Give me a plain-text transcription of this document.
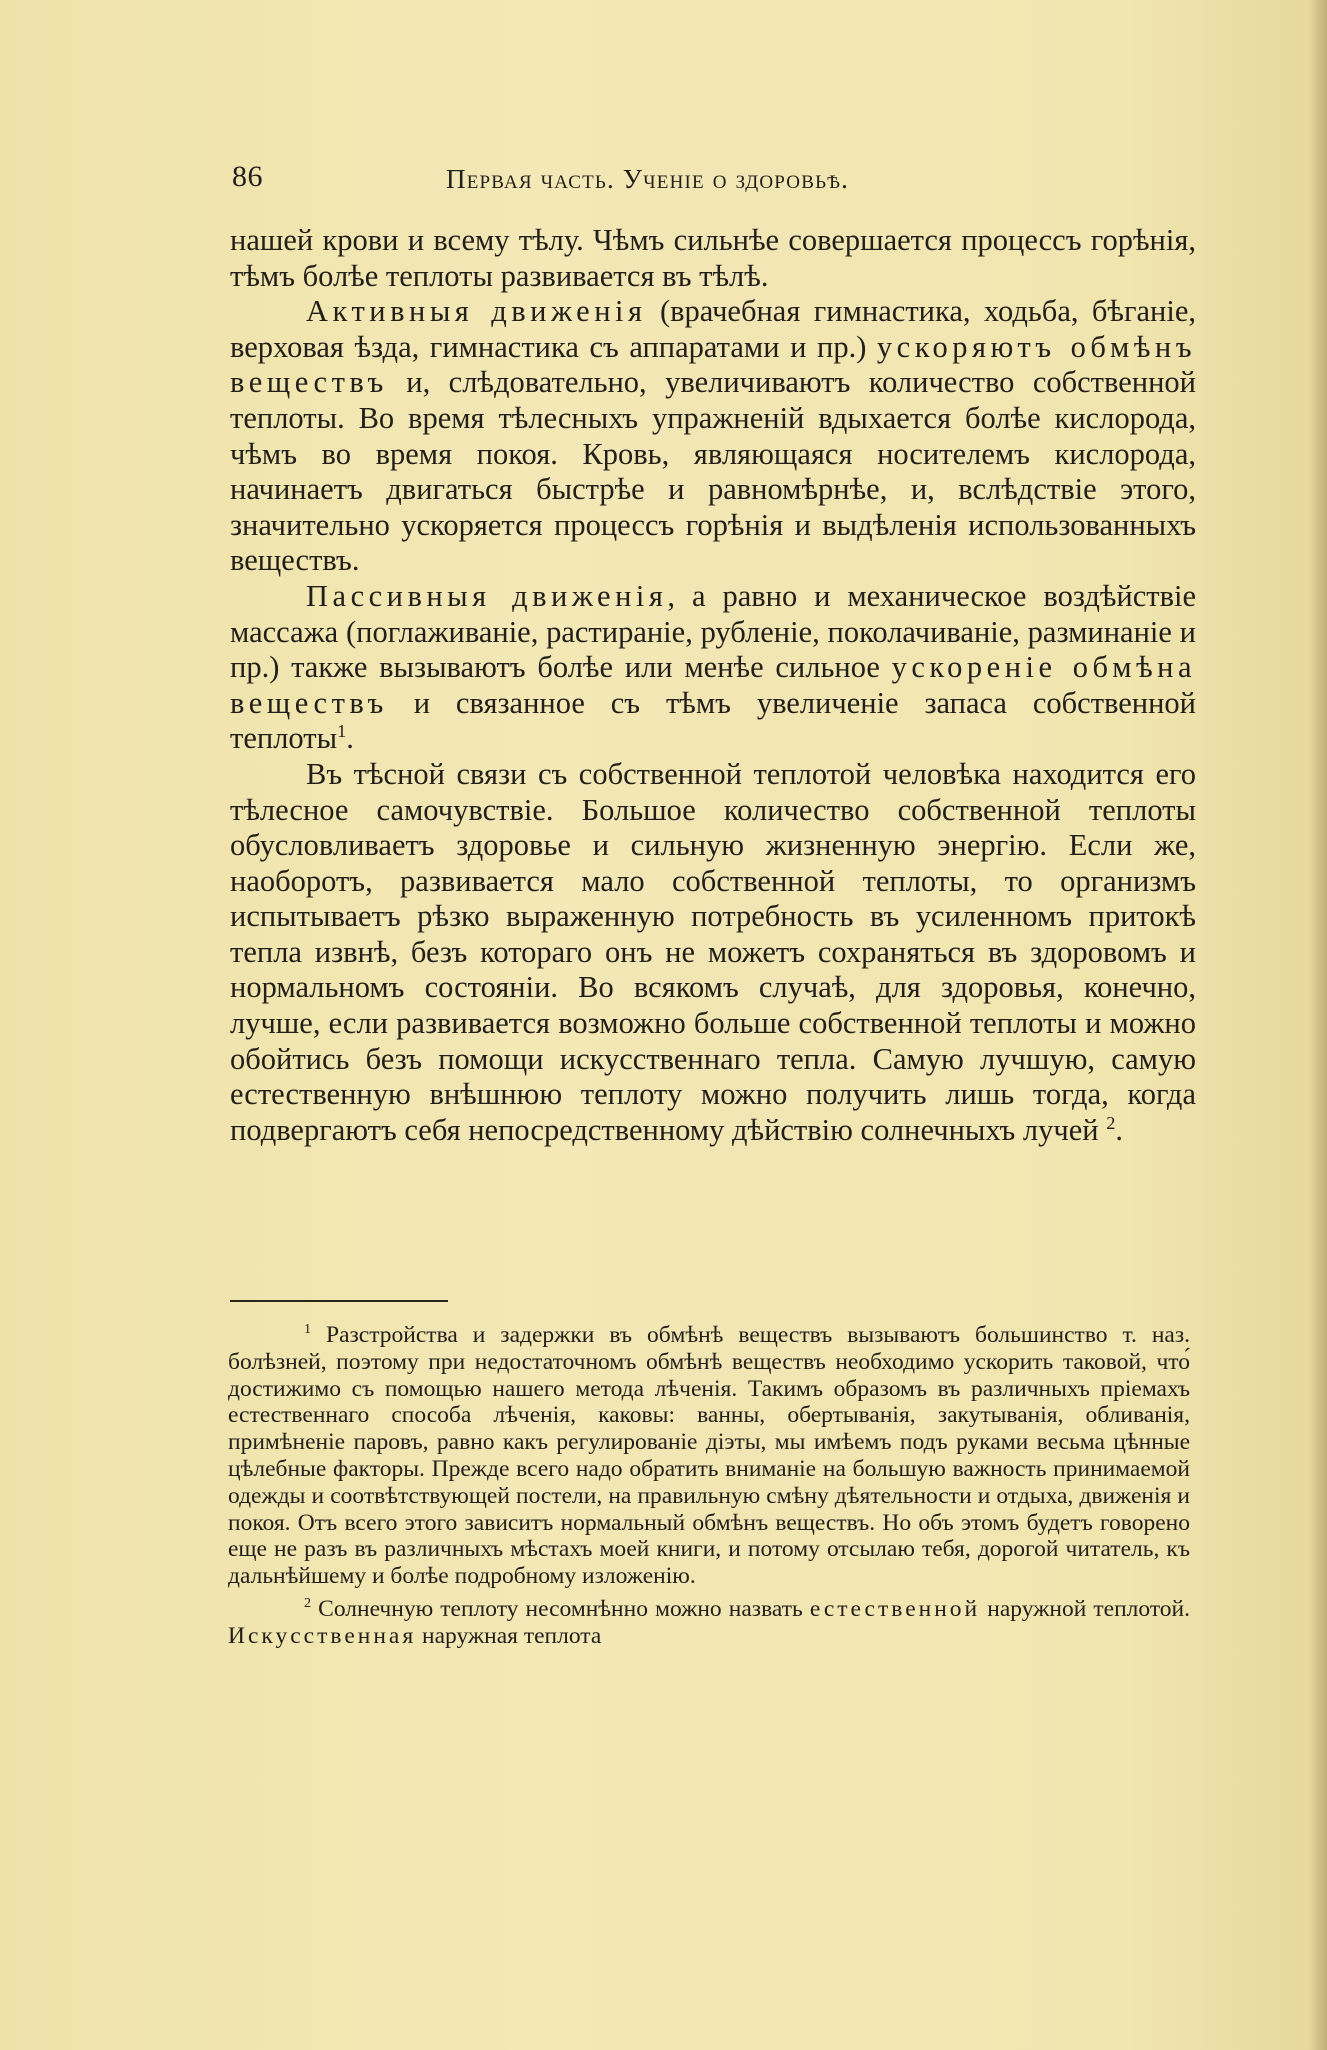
86	Первая часть. Ученіе о здоровьѣ.

нашей крови и всему тѣлу. Чѣмъ сильнѣе совершается процессъ горѣнія, тѣмъ болѣе теплоты развивается въ тѣлѣ.

Активныя движенія (врачебная гимнастика, ходьба, бѣганіе, верховая ѣзда, гимнастика съ аппаратами и пр.) ускоряютъ обмѣнъ веществъ и, слѣдовательно, увеличиваютъ количество собственной теплоты. Во время тѣлесныхъ упражненій вдыхается болѣе кислорода, чѣмъ во время покоя. Кровь, являющаяся носителемъ кислорода, начинаетъ двигаться быстрѣе и равномѣрнѣе, и, вслѣдствіе этого, значительно ускоряется процессъ горѣнія и выдѣленія использованныхъ веществъ.

Пассивныя движенія, а равно и механическое воздѣйствіе массажа (поглаживаніе, растираніе, рубленіе, поколачиваніе, разминаніе и пр.) также вызываютъ болѣе или менѣе сильное ускореніе обмѣна веществъ и связанное съ тѣмъ увеличеніе запаса собственной теплоты$^1$.

Въ тѣсной связи съ собственной теплотой человѣка находится его тѣлесное самочувствіе. Большое количество собственной теплоты обусловливаетъ здоровье и сильную жизненную энергію. Если же, наоборотъ, развивается мало собственной теплоты, то организмъ испытываетъ рѣзко выраженную потребность въ усиленномъ притокѣ тепла извнѣ, безъ котораго онъ не можетъ сохраняться въ здоровомъ и нормальномъ состояніи. Во всякомъ случаѣ, для здоровья, конечно, лучше, если развивается возможно больше собственной теплоты и можно обойтись безъ помощи искусственнаго тепла. Самую лучшую, самую естественную внѣшнюю теплоту можно получить лишь тогда, когда подвергаютъ себя непосредственному дѣйствію солнечныхъ лучей $^2$.

$^1$ Разстройства и задержки въ обмѣнѣ веществъ вызываютъ большинство т. наз. болѣзней, поэтому при недостаточномъ обмѣнѣ веществъ необходимо ускорить таковой, что́ достижимо съ помощью нашего метода лѣченія. Такимъ образомъ въ различныхъ пріемахъ естественнаго способа лѣченія, каковы: ванны, обертыванія, закутыванія, обливанія, примѣненіе паровъ, равно какъ регулированіе діэты, мы имѣемъ подъ руками весьма цѣнные цѣлебные факторы. Прежде всего надо обратить вниманіе на большую важность принимаемой одежды и соотвѣтствующей постели, на правильную смѣну дѣятельности и отдыха, движенія и покоя. Отъ всего этого зависитъ нормальный обмѣнъ веществъ. Но объ этомъ будетъ говорено еще не разъ въ различныхъ мѣстахъ моей книги, и потому отсылаю тебя, дорогой читатель, къ дальнѣйшему и болѣе подробному изложенію.

$^2$ Солнечную теплоту несомнѣнно можно назвать естественной наружной теплотой. Искусственная наружная теплота
